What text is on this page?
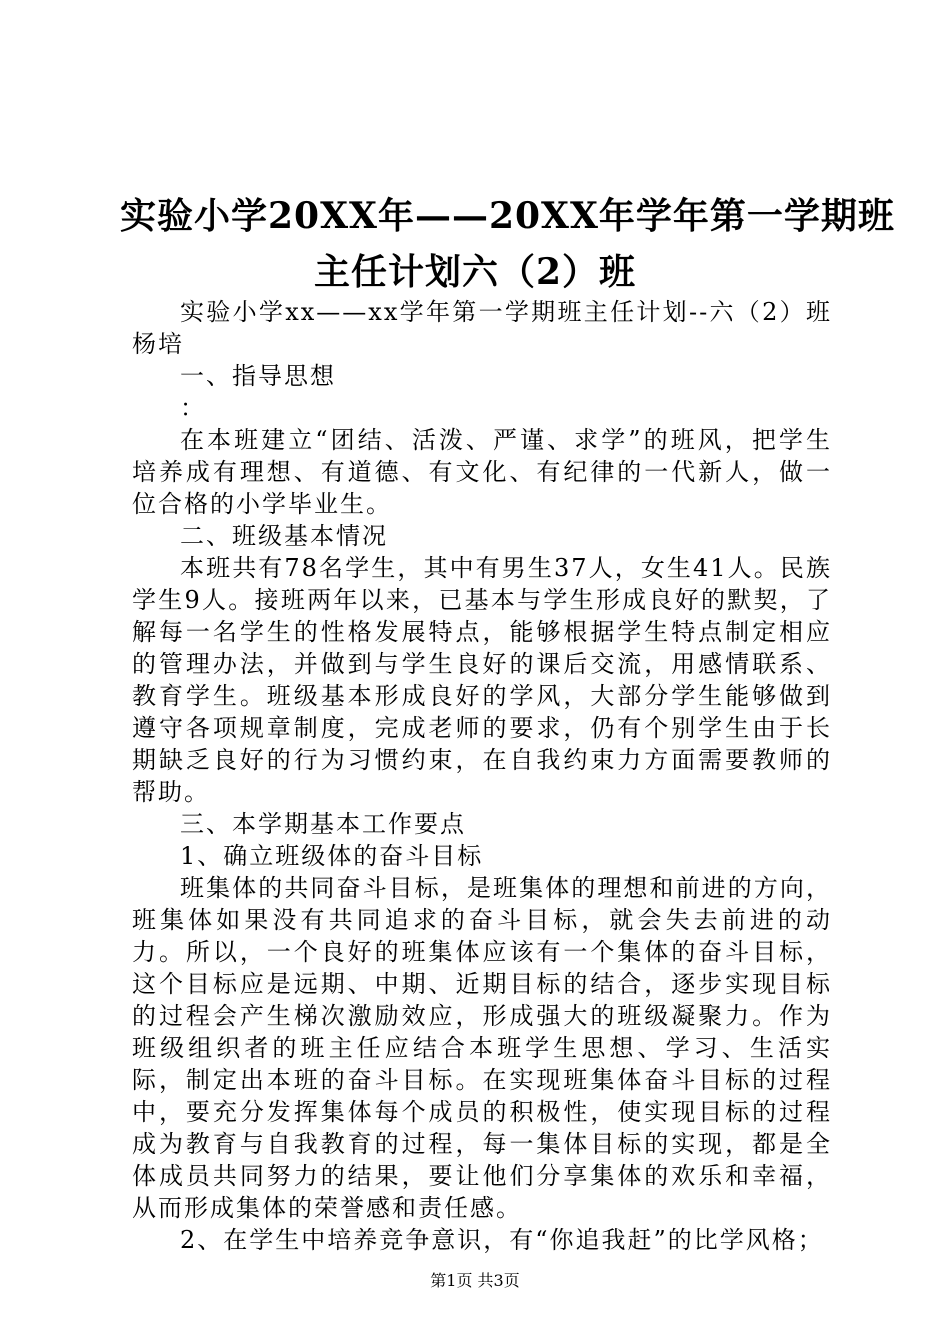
实验小学20XX年——20XX年学年第一学期班
主任计划六（2）班

实验小学xx——xx学年第一学期班主任计划--六（2）班杨培

一、指导思想

：

在本班建立“团结、活泼、严谨、求学”的班风，把学生培养成有理想、有道德、有文化、有纪律的一代新人，做一位合格的小学毕业生。

二、班级基本情况

本班共有78名学生，其中有男生37人，女生41人。民族学生9人。接班两年以来，已基本与学生形成良好的默契，了解每一名学生的性格发展特点，能够根据学生特点制定相应的管理办法，并做到与学生良好的课后交流，用感情联系、教育学生。班级基本形成良好的学风，大部分学生能够做到遵守各项规章制度，完成老师的要求，仍有个别学生由于长期缺乏良好的行为习惯约束，在自我约束力方面需要教师的帮助。

三、本学期基本工作要点

1、确立班级体的奋斗目标

班集体的共同奋斗目标，是班集体的理想和前进的方向，班集体如果没有共同追求的奋斗目标，就会失去前进的动力。所以，一个良好的班集体应该有一个集体的奋斗目标，这个目标应是远期、中期、近期目标的结合，逐步实现目标的过程会产生梯次激励效应，形成强大的班级凝聚力。作为班级组织者的班主任应结合本班学生思想、学习、生活实际，制定出本班的奋斗目标。在实现班集体奋斗目标的过程中，要充分发挥集体每个成员的积极性，使实现目标的过程成为教育与自我教育的过程，每一集体目标的实现，都是全体成员共同努力的结果，要让他们分享集体的欢乐和幸福，从而形成集体的荣誉感和责任感。

2、在学生中培养竞争意识，有“你追我赶”的比学风格；

第1页 共3页
